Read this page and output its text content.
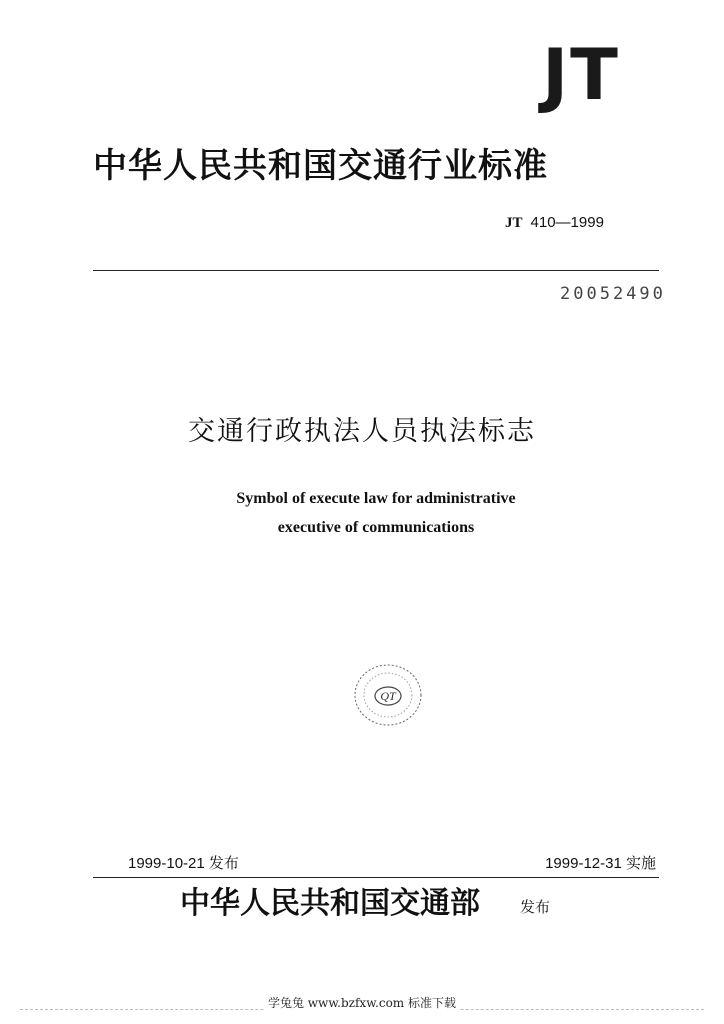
JT
中华人民共和国交通行业标准
JT 410—1999
20052490
交通行政执法人员执法标志
Symbol of execute law for administrative
executive of communications
QT
1999-10-21 发布	1999-12-31 实施
中华人民共和国交通部	发布
学兔兔 www.bzfxw.com 标准下载
